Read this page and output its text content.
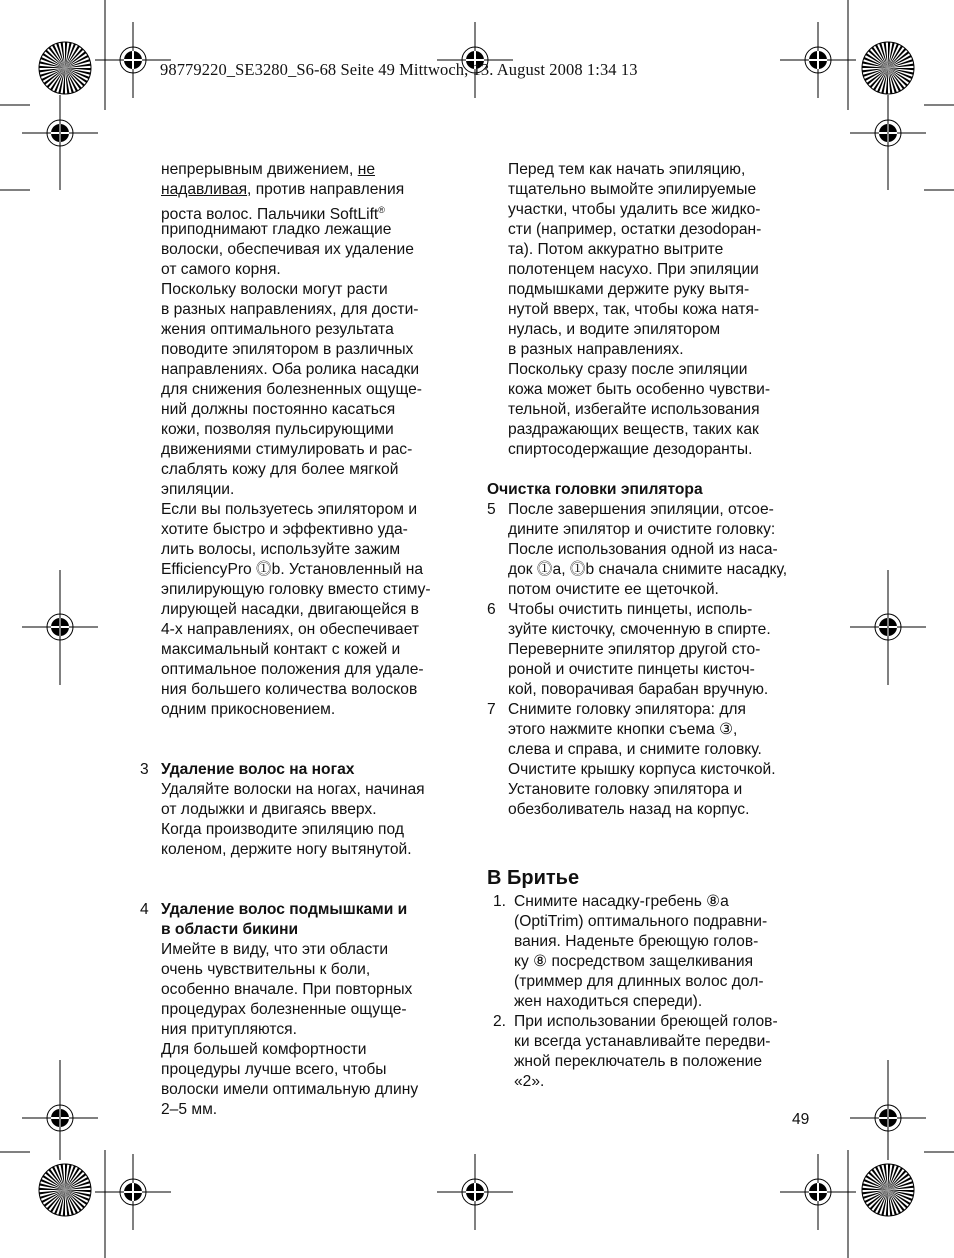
98779220_SE3280_S6-68 Seite 49 Mittwoch, 13. August 2008 1:34 13
непрерывным движением, не
надавливая, против направления
роста волос. Пальчики SoftLift®
приподнимают гладко лежащие
волоски, обеспечивая их удаление
от самого корня.
Поскольку волоски могут расти
в разных направлениях, для дости-
жения оптимального результата
поводите эпилятором в различных
направлениях. Оба ролика насадки
для снижения болезненных ощуще-
ний должны постоянно касаться
кожи, позволяя пульсирующими
движениями стимулировать и рас-
слаблять кожу для более мягкой
эпиляции.
Если вы пользуетесь эпилятором и
хотите быстро и эффективно уда-
лить волосы, используйте зажим
EfficiencyPro ⓵b. Установленный на
эпилирующую головку вместо стиму-
лирующей насадки, двигающейся в
4-х направлениях, он обеспечивает
максимальный контакт с кожей и
оптимальное положения для удале-
ния большего количества волосков
одним прикосновением.
3 Удаление волос на ногах
Удаляйте волоски на ногах, начиная
от лодыжки и двигаясь вверх.
Когда производите эпиляцию под
коленом, держите ногу вытянутой.
4 Удаление волос подмышками и
в области бикини
Имейте в виду, что эти области
очень чувствительны к боли,
особенно вначале. При повторных
процедурах болезненные ощуще-
ния притупляются.
Для большей комфортности
процедуры лучше всего, чтобы
волоски имели оптимальную длину
2–5 мм.
Перед тем как начать эпиляцию,
тщательно вымойте эпилируемые
участки, чтобы удалить все жидко-
сти (например, остатки дезоdoран-
та). Потом аккуратно вытрите
полотенцем насухо. При эпиляции
подмышками держите руку вытя-
нутой вверх, так, чтобы кожа натя-
нулась, и водите эпилятором
в разных направлениях.
Поскольку сразу после эпиляции
кожа может быть особенно чувстви-
тельной, избегайте использования
раздражающих веществ, таких как
спиртосодержащие дезодоранты.
Очистка головки эпилятора
5 После завершения эпиляции, отсое-
дините эпилятор и очистите головку:
После использования одной из наса-
док ⓵a, ⓵b сначала снимите насадку,
потом очистите ее щеточкой.
6 Чтобы очистить пинцеты, исполь-
зуйте кисточку, смоченную в спирте.
Переверните эпилятор другой сто-
роной и очистите пинцеты кисточ-
кой, поворачивая барабан вручную.
7 Снимите головку эпилятора: для
этого нажмите кнопки съема ③,
слева и справа, и снимите головку.
Очистите крышку корпуса кисточкой.
Установите головку эпилятора и
обезболиватель назад на корпус.
B Бритье
1. Снимите насадку-гребень ⑧a
(OptiTrim) оптимального подравни-
вания. Наденьте бреющую голов-
ку ⑧ посредством защелкивания
(триммер для длинных волос дол-
жен находиться спереди).
2. При использовании бреющей голов-
ки всегда устанавливайте передви-
жной переключатель в положение
«2».
49
